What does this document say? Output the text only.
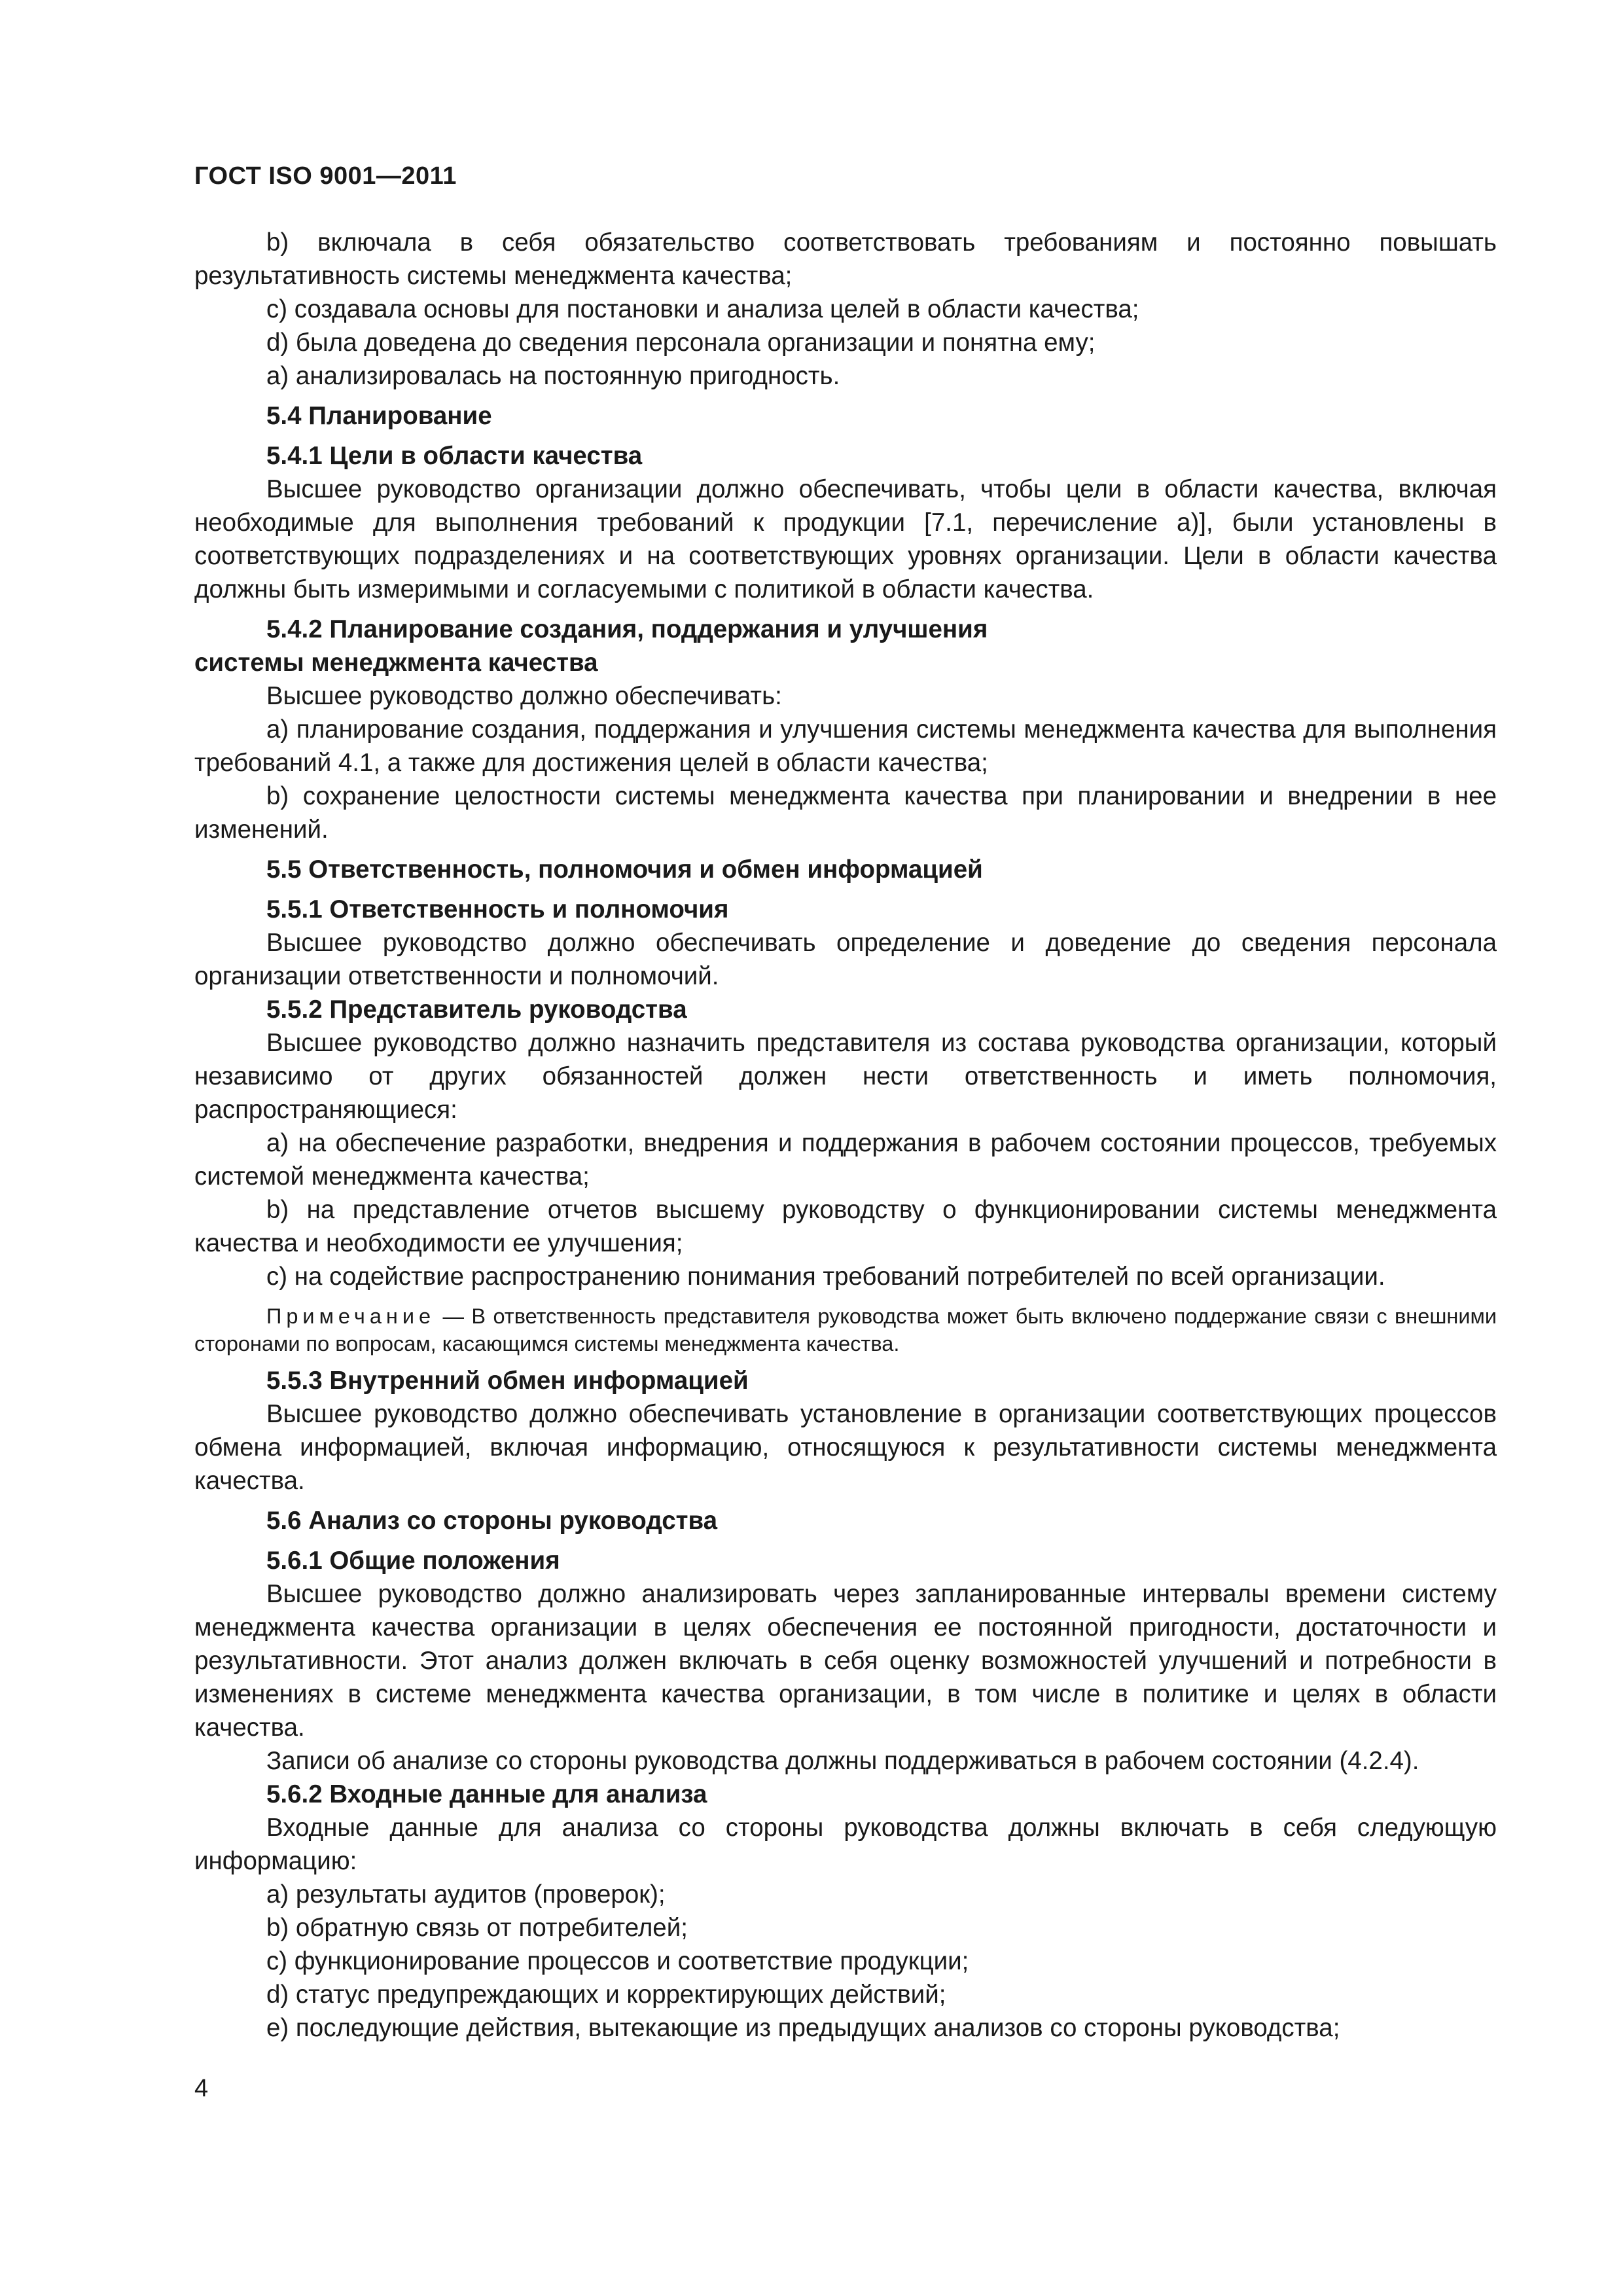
ГОСТ ISO 9001—2011

b) включала в себя обязательство соответствовать требованиям и постоянно повышать результативность системы менеджмента качества;

c) создавала основы для постановки и анализа целей в области качества;

d) была доведена до сведения персонала организации и понятна ему;

a) анализировалась на постоянную пригодность.

5.4 Планирование

5.4.1 Цели в области качества

Высшее руководство организации должно обеспечивать, чтобы цели в области качества, включая необходимые для выполнения требований к продукции [7.1, перечисление a)], были установлены в соответствующих подразделениях и на соответствующих уровнях организации. Цели в области качества должны быть измеримыми и согласуемыми с политикой в области качества.

5.4.2 Планирование создания, поддержания и улучшения

системы менеджмента качества

Высшее руководство должно обеспечивать:

a) планирование создания, поддержания и улучшения системы менеджмента качества для выполнения требований 4.1, а также для достижения целей в области качества;

b) сохранение целостности системы менеджмента качества при планировании и внедрении в нее изменений.

5.5 Ответственность, полномочия и обмен информацией

5.5.1 Ответственность и полномочия

Высшее руководство должно обеспечивать определение и доведение до сведения персонала организации ответственности и полномочий.

5.5.2 Представитель руководства

Высшее руководство должно назначить представителя из состава руководства организации, который независимо от других обязанностей должен нести ответственность и иметь полномочия, распространяющиеся:

a) на обеспечение разработки, внедрения и поддержания в рабочем состоянии процессов, требуемых системой менеджмента качества;

b) на представление отчетов высшему руководству о функционировании системы менеджмента качества и необходимости ее улучшения;

c) на содействие распространению понимания требований потребителей по всей организации.

Примечание — В ответственность представителя руководства может быть включено поддержание связи с внешними сторонами по вопросам, касающимся системы менеджмента качества.

5.5.3 Внутренний обмен информацией

Высшее руководство должно обеспечивать установление в организации соответствующих процессов обмена информацией, включая информацию, относящуюся к результативности системы менеджмента качества.

5.6 Анализ со стороны руководства

5.6.1 Общие положения

Высшее руководство должно анализировать через запланированные интервалы времени систему менеджмента качества организации в целях обеспечения ее постоянной пригодности, достаточности и результативности. Этот анализ должен включать в себя оценку возможностей улучшений и потребности в изменениях в системе менеджмента качества организации, в том числе в политике и целях в области качества.

Записи об анализе со стороны руководства должны поддерживаться в рабочем состоянии (4.2.4).

5.6.2 Входные данные для анализа

Входные данные для анализа со стороны руководства должны включать в себя следующую информацию:

a) результаты аудитов (проверок);

b) обратную связь от потребителей;

c) функционирование процессов и соответствие продукции;

d) статус предупреждающих и корректирующих действий;

e) последующие действия, вытекающие из предыдущих анализов со стороны руководства;

4
